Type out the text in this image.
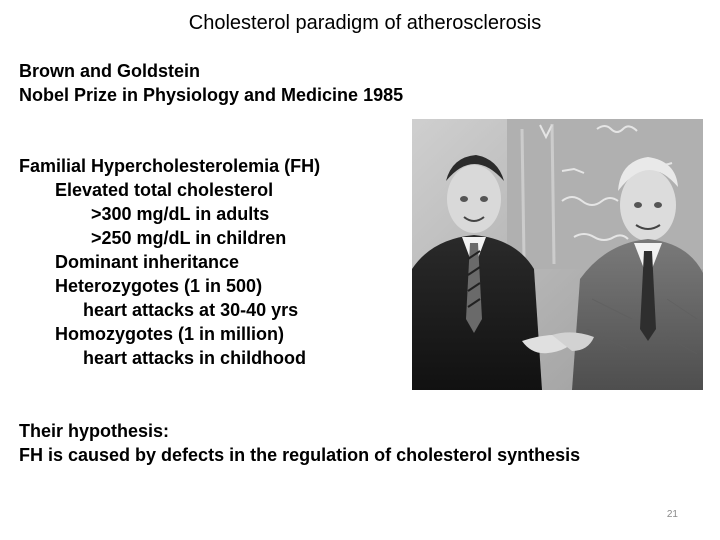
Cholesterol paradigm of atherosclerosis
Brown and Goldstein
Nobel Prize in Physiology and Medicine 1985
Familial Hypercholesterolemia (FH)
Elevated total cholesterol
>300 mg/dL in adults
>250 mg/dL in children
Dominant inheritance
Heterozygotes (1 in 500)
heart attacks at 30-40 yrs
Homozygotes (1 in million)
heart attacks in childhood
Their hypothesis:
FH is caused by defects in the regulation of cholesterol synthesis
21
